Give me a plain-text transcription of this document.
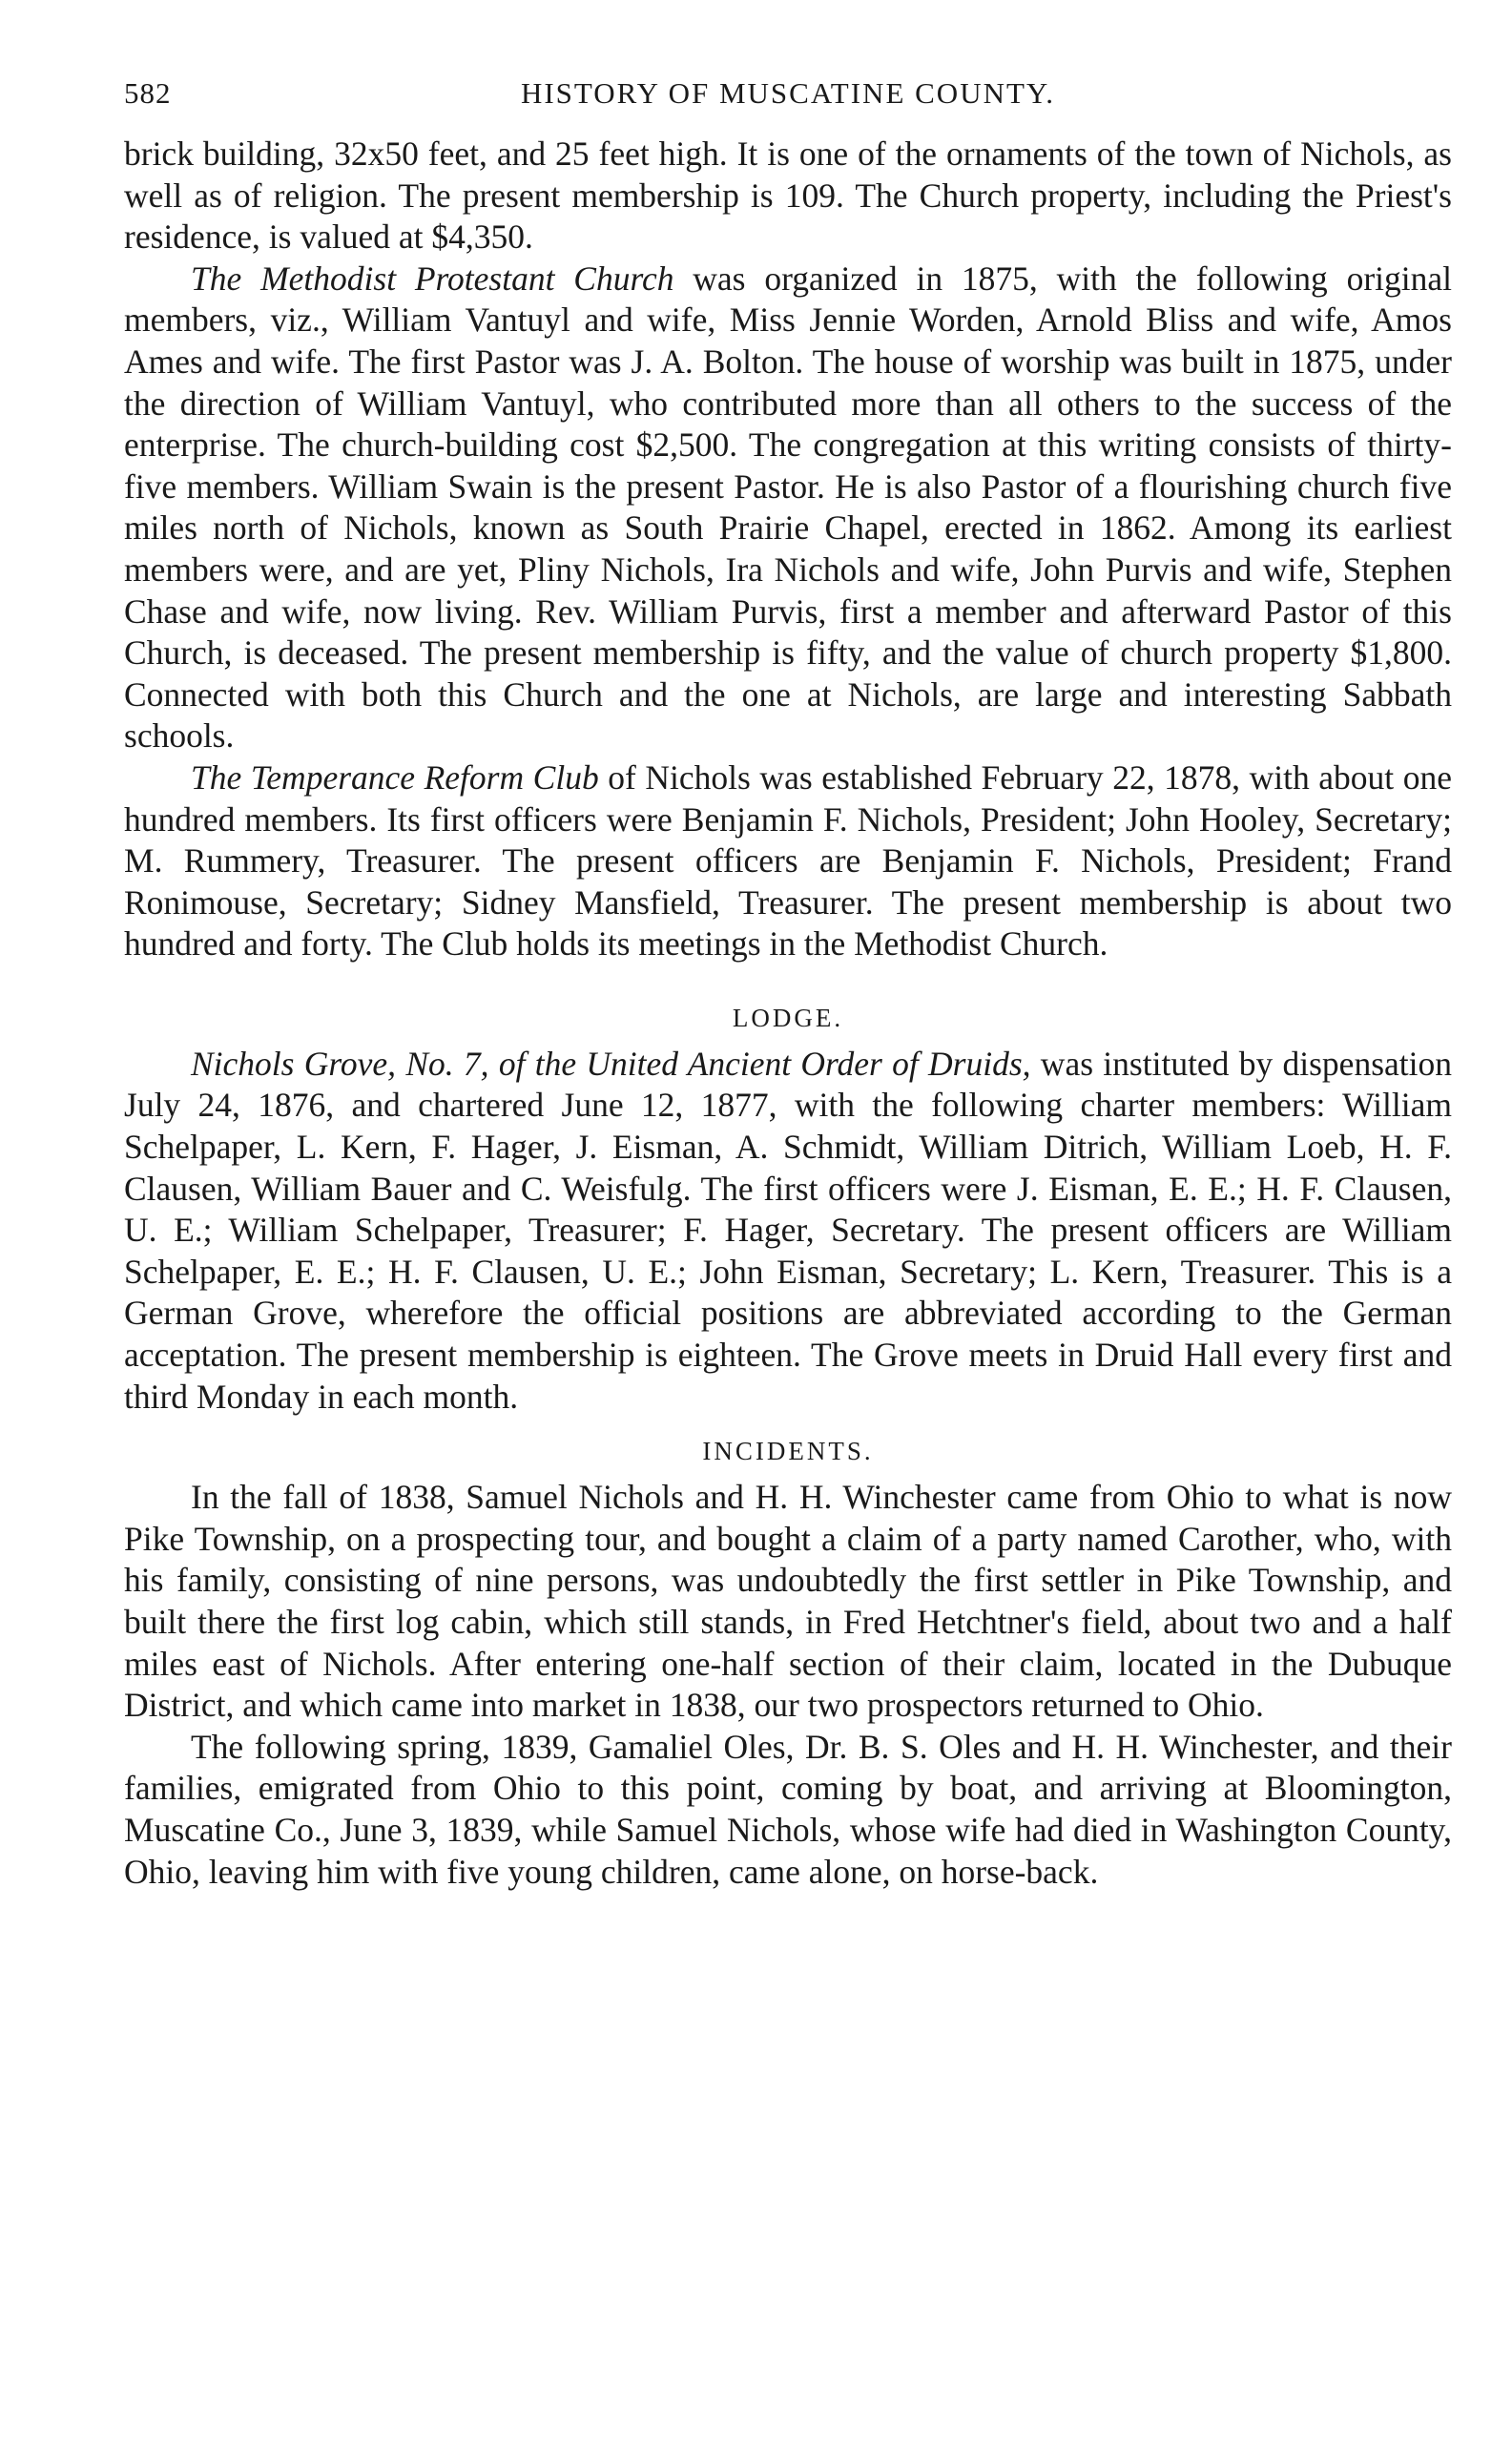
582	HISTORY OF MUSCATINE COUNTY.

brick building, 32x50 feet, and 25 feet high. It is one of the ornaments of the town of Nichols, as well as of religion. The present membership is 109. The Church property, including the Priest's residence, is valued at $4,350.

The Methodist Protestant Church was organized in 1875, with the following original members, viz., William Vantuyl and wife, Miss Jennie Worden, Arnold Bliss and wife, Amos Ames and wife. The first Pastor was J. A. Bolton. The house of worship was built in 1875, under the direction of William Vantuyl, who contributed more than all others to the success of the enterprise. The church-building cost $2,500. The congregation at this writing consists of thirty-five members. William Swain is the present Pastor. He is also Pastor of a flourishing church five miles north of Nichols, known as South Prairie Chapel, erected in 1862. Among its earliest members were, and are yet, Pliny Nichols, Ira Nichols and wife, John Purvis and wife, Stephen Chase and wife, now living. Rev. William Purvis, first a member and afterward Pastor of this Church, is deceased. The present membership is fifty, and the value of church property $1,800. Connected with both this Church and the one at Nichols, are large and interesting Sabbath schools.

The Temperance Reform Club of Nichols was established February 22, 1878, with about one hundred members. Its first officers were Benjamin F. Nichols, President; John Hooley, Secretary; M. Rummery, Treasurer. The present officers are Benjamin F. Nichols, President; Frand Ronimouse, Secretary; Sidney Mansfield, Treasurer. The present membership is about two hundred and forty. The Club holds its meetings in the Methodist Church.

LODGE.

Nichols Grove, No. 7, of the United Ancient Order of Druids, was instituted by dispensation July 24, 1876, and chartered June 12, 1877, with the following charter members: William Schelpaper, L. Kern, F. Hager, J. Eisman, A. Schmidt, William Ditrich, William Loeb, H. F. Clausen, William Bauer and C. Weisfulg. The first officers were J. Eisman, E. E.; H. F. Clausen, U. E.; William Schelpaper, Treasurer; F. Hager, Secretary. The present officers are William Schelpaper, E. E.; H. F. Clausen, U. E.; John Eisman, Secretary; L. Kern, Treasurer. This is a German Grove, wherefore the official positions are abbreviated according to the German acceptation. The present membership is eighteen. The Grove meets in Druid Hall every first and third Monday in each month.

INCIDENTS.

In the fall of 1838, Samuel Nichols and H. H. Winchester came from Ohio to what is now Pike Township, on a prospecting tour, and bought a claim of a party named Carother, who, with his family, consisting of nine persons, was undoubtedly the first settler in Pike Township, and built there the first log cabin, which still stands, in Fred Hetchtner's field, about two and a half miles east of Nichols. After entering one-half section of their claim, located in the Dubuque District, and which came into market in 1838, our two prospectors returned to Ohio.

The following spring, 1839, Gamaliel Oles, Dr. B. S. Oles and H. H. Winchester, and their families, emigrated from Ohio to this point, coming by boat, and arriving at Bloomington, Muscatine Co., June 3, 1839, while Samuel Nichols, whose wife had died in Washington County, Ohio, leaving him with five young children, came alone, on horse-back.
